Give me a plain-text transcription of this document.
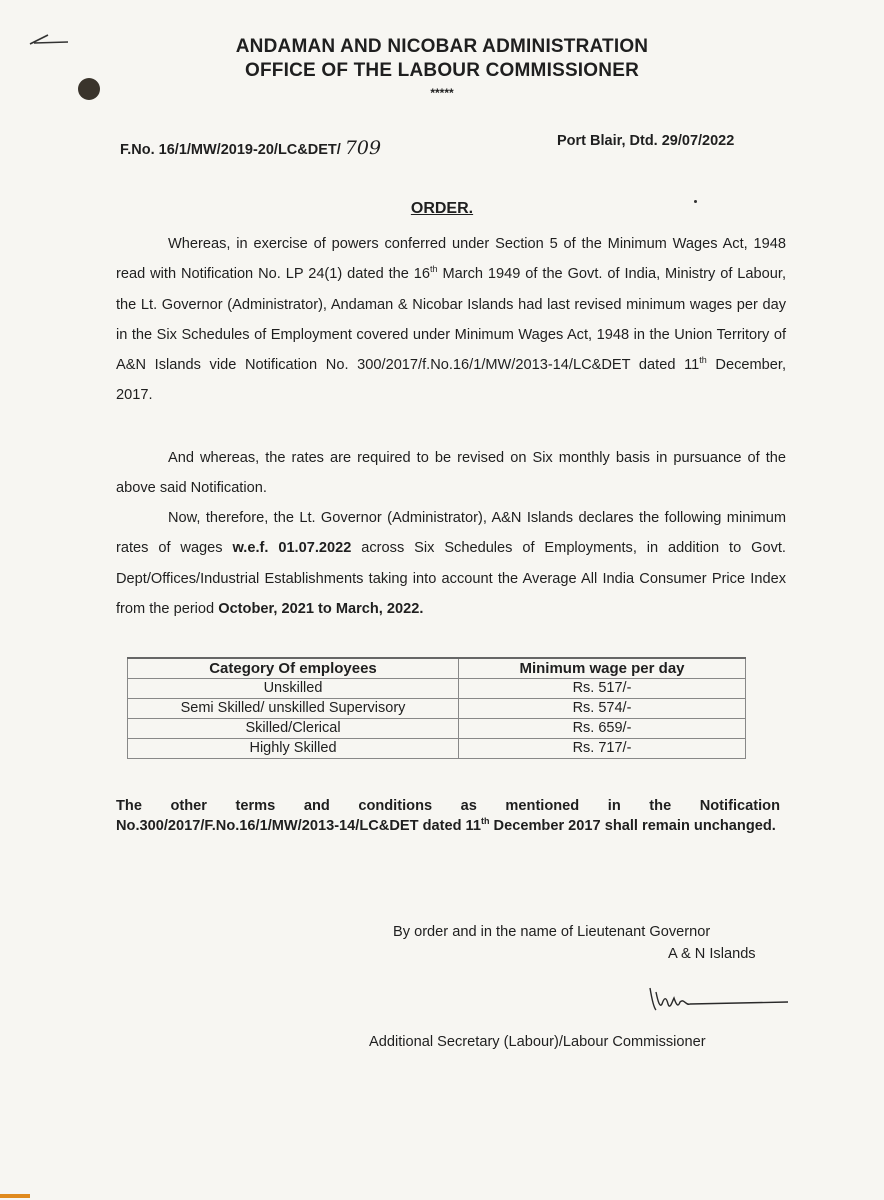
ANDAMAN AND NICOBAR ADMINISTRATION
OFFICE OF THE LABOUR COMMISSIONER
*****
F.No. 16/1/MW/2019-20/LC&DET/ 709	Port Blair, Dtd. 29/07/2022
ORDER.
Whereas, in exercise of powers conferred under Section 5 of the Minimum Wages Act, 1948 read with Notification No. LP 24(1) dated the 16th March 1949 of the Govt. of India, Ministry of Labour, the Lt. Governor (Administrator), Andaman & Nicobar Islands had last revised minimum wages per day in the Six Schedules of Employment covered under Minimum Wages Act, 1948 in the Union Territory of A&N Islands vide Notification No. 300/2017/f.No.16/1/MW/2013-14/LC&DET dated 11th December, 2017.
And whereas, the rates are required to be revised on Six monthly basis in pursuance of the above said Notification.
Now, therefore, the Lt. Governor (Administrator), A&N Islands declares the following minimum rates of wages w.e.f. 01.07.2022 across Six Schedules of Employments, in addition to Govt. Dept/Offices/Industrial Establishments taking into account the Average All India Consumer Price Index from the period October, 2021 to March, 2022.
Category Of employees	Minimum wage per day
Unskilled	Rs. 517/-
Semi Skilled/ unskilled Supervisory	Rs. 574/-
Skilled/Clerical	Rs. 659/-
Highly Skilled	Rs. 717/-
The other terms and conditions as mentioned in the Notification No.300/2017/F.No.16/1/MW/2013-14/LC&DET dated 11th December 2017 shall remain unchanged.
By order and in the name of Lieutenant Governor
A & N Islands
Additional Secretary (Labour)/Labour Commissioner
